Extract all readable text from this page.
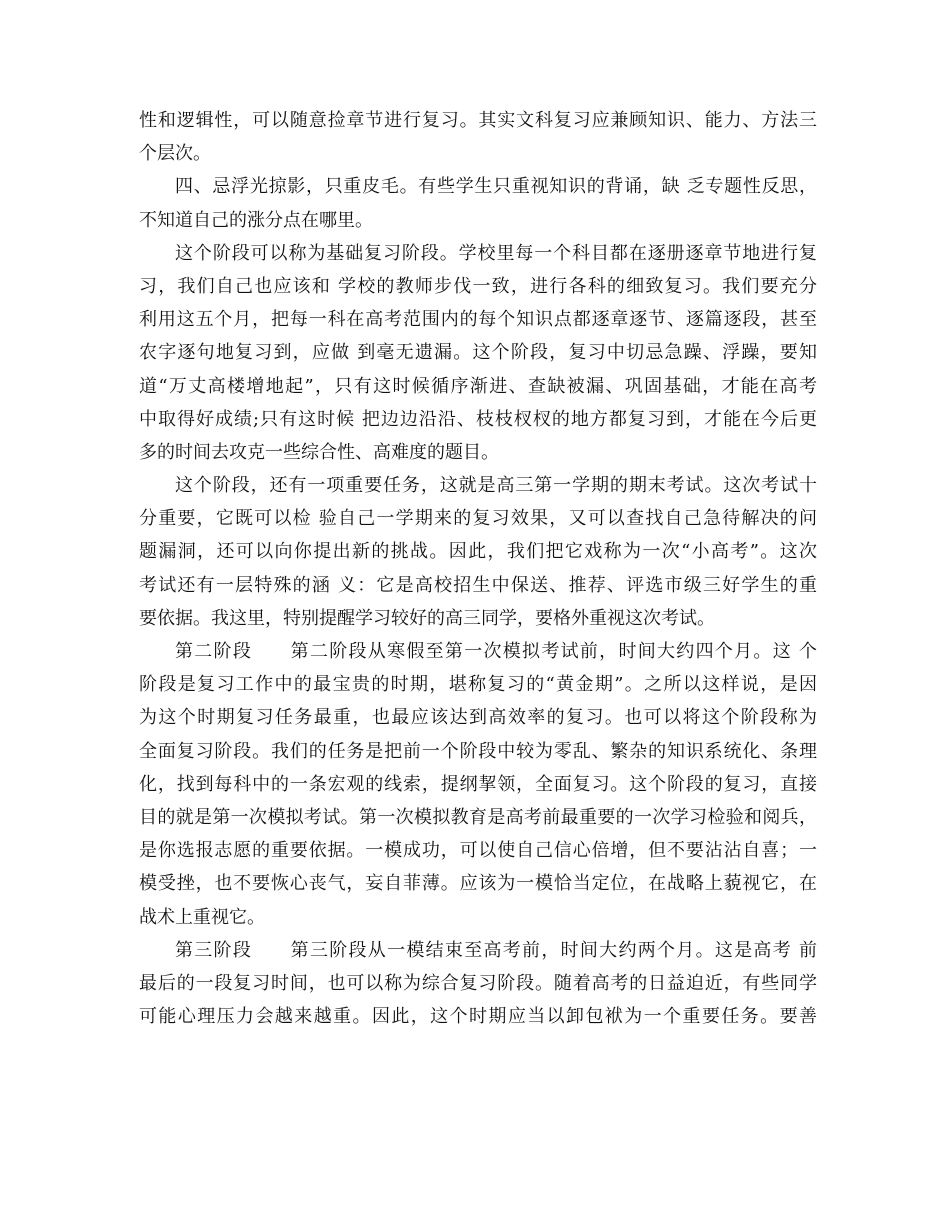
性和逻辑性，可以随意捡章节进行复习。其实文科复习应兼顾知识、能力、方法三
个层次。
四、忌浮光掠影，只重皮毛。有些学生只重视知识的背诵，缺 乏专题性反思，
不知道自己的涨分点在哪里。
这个阶段可以称为基础复习阶段。学校里每一个科目都在逐册逐章节地进行复
习，我们自己也应该和 学校的教师步伐一致，进行各科的细致复习。我们要充分
利用这五个月，把每一科在高考范围内的每个知识点都逐章逐节、逐篇逐段，甚至
农字逐句地复习到，应做 到毫无遗漏。这个阶段，复习中切忌急躁、浮躁，要知
道“万丈高楼增地起”，只有这时候循序渐进、查缺被漏、巩固基础，才能在高考
中取得好成绩;只有这时候 把边边沿沿、枝枝杈杈的地方都复习到，才能在今后更
多的时间去攻克一些综合性、高难度的题目。
这个阶段，还有一项重要任务，这就是高三第一学期的期末考试。这次考试十
分重要，它既可以检 验自己一学期来的复习效果，又可以查找自己急待解决的问
题漏洞，还可以向你提出新的挑战。因此，我们把它戏称为一次“小高考”。这次
考试还有一层特殊的涵 义：它是高校招生中保送、推荐、评选市级三好学生的重
要依据。我这里，特别提醒学习较好的高三同学，要格外重视这次考试。
第二阶段　　第二阶段从寒假至第一次模拟考试前，时间大约四个月。这 个
阶段是复习工作中的最宝贵的时期，堪称复习的“黄金期”。之所以这样说，是因
为这个时期复习任务最重，也最应该达到高效率的复习。也可以将这个阶段称为
全面复习阶段。我们的任务是把前一个阶段中较为零乱、繁杂的知识系统化、条理
化，找到每科中的一条宏观的线索，提纲挈领，全面复习。这个阶段的复习，直接
目的就是第一次模拟考试。第一次模拟教育是高考前最重要的一次学习检验和阅兵，
是你选报志愿的重要依据。一模成功，可以使自己信心倍增，但不要沾沾自喜；一
模受挫，也不要恢心丧气，妄自菲薄。应该为一模恰当定位，在战略上藐视它，在
战术上重视它。
第三阶段　　第三阶段从一模结束至高考前，时间大约两个月。这是高考 前
最后的一段复习时间，也可以称为综合复习阶段。随着高考的日益迫近，有些同学
可能心理压力会越来越重。因此，这个时期应当以卸包袱为一个重要任务。要善
